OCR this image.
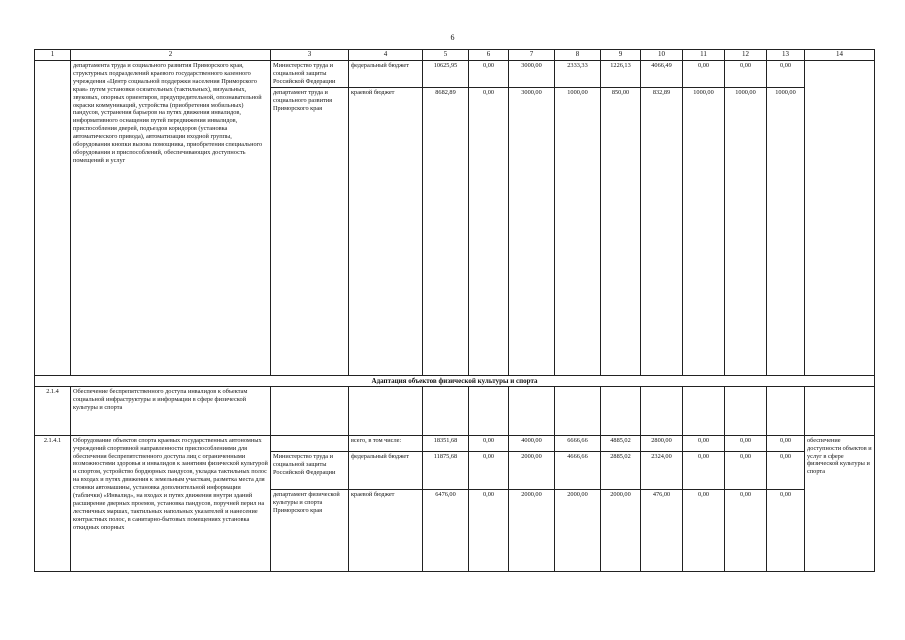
6
1	2	3	4	5	6	7	8	9	10	11	12	13	14
	департамента труда и социального развития Приморского края, структурных подразделений краевого государственного казенного учреждения «Центр социальной поддержки населения Приморского края» путем установки осязательных (тактильных), визуальных, звуковых, опорных ориентиров, предупредительной, опознавательной окраски коммуникаций, устройства (приобретения мобильных) пандусов, устранения барьеров на путях движения инвалидов, информативного оснащения путей передвижения инвалидов, приспособления дверей, подъездов коридоров (установка автоматического привода), автоматизации входной группы, оборудования кнопки вызова помощника, приобретения специального оборудования и приспособлений, обеспечивающих доступность помещений и услуг	Министерство труда и социальной защиты Российской Федерации	федеральный бюджет	10625,95	0,00	3000,00	2333,33	1226,13	4066,49	0,00	0,00	0,00	
		департамент труда и социального развития Приморского края	краевой бюджет	8682,89	0,00	3000,00	1000,00	850,00	832,89	1000,00	1000,00	1000,00	
Адаптация объектов физической культуры и спорта													
2.1.4	Обеспечение беспрепятственного доступа инвалидов к объектам социальной инфраструктуры и информации в сфере физической культуры и спорта												
2.1.4.1	Оборудование объектов спорта краевых государственных автономных учреждений спортивной направленности приспособлениями для обеспечения беспрепятственного доступа лиц с ограниченными возможностями здоровья и инвалидов к занятиям физической культурой и спортом, устройство бордюрных пандусов, укладка тактильных полос на входах и путях движения к земельным участкам, разметка места для стоянки автомашины, установка дополнительной информации (таблички) «Инвалид», на входах и путях движения внутри зданий расширение дверных проемов, установка пандусов, поручней перил на лестничных маршах, тактильных напольных указателей и нанесение контрастных полос, в санитарно-бытовых помещениях установка откидных опорных		всего, в том числе:	18351,68	0,00	4000,00	6666,66	4885,02	2800,00	0,00	0,00	0,00	обеспечение доступности объектов и услуг в сфере физической культуры и спорта
		Министерство труда и социальной защиты Российской Федерации	федеральный бюджет	11875,68	0,00	2000,00	4666,66	2885,02	2324,00	0,00	0,00	0,00	
		департамент физической культуры и спорта Приморского края	краевой бюджет	6476,00	0,00	2000,00	2000,00	2000,00	476,00	0,00	0,00	0,00	
